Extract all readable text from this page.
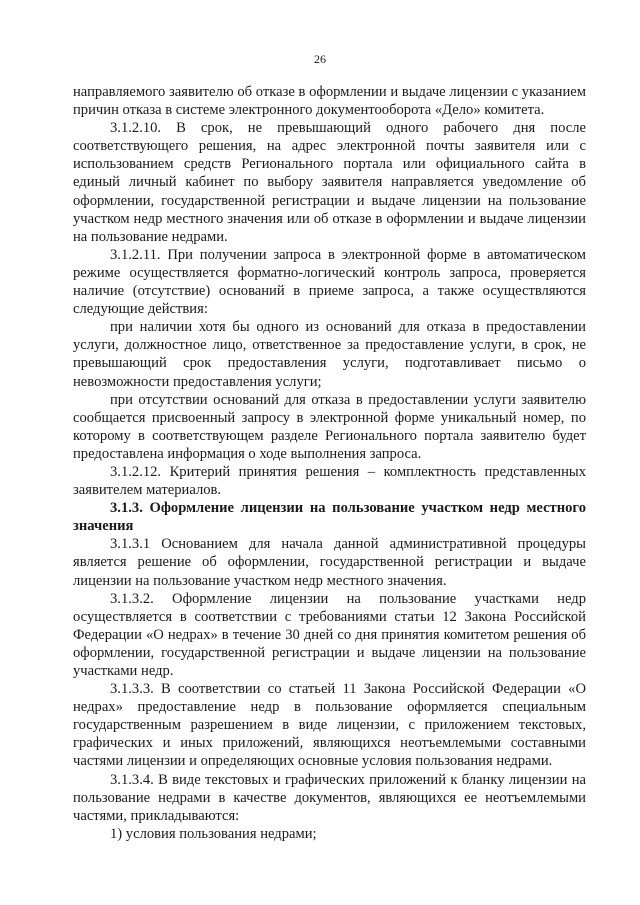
26

направляемого заявителю об отказе в оформлении и выдаче лицензии с указанием причин отказа в системе электронного документооборота «Дело» комитета.

3.1.2.10. В срок, не превышающий одного рабочего дня после соответствующего решения, на адрес электронной почты заявителя или с использованием средств Регионального портала или официального сайта в единый личный кабинет по выбору заявителя направляется уведомление об оформлении, государственной регистрации и выдаче лицензии на пользование участком недр местного значения или об отказе в оформлении и выдаче лицензии на пользование недрами.

3.1.2.11. При получении запроса в электронной форме в автоматическом режиме осуществляется форматно-логический контроль запроса, проверяется наличие (отсутствие) оснований в приеме запроса, а также осуществляются следующие действия:

при наличии хотя бы одного из оснований для отказа в предоставлении услуги, должностное лицо, ответственное за предоставление услуги, в срок, не превышающий срок предоставления услуги, подготавливает письмо о невозможности предоставления услуги;

при отсутствии оснований для отказа в предоставлении услуги заявителю сообщается присвоенный запросу в электронной форме уникальный номер, по которому в соответствующем разделе Регионального портала заявителю будет предоставлена информация о ходе выполнения запроса.

3.1.2.12. Критерий принятия решения – комплектность представленных заявителем материалов.

3.1.3. Оформление лицензии на пользование участком недр местного значения

3.1.3.1 Основанием для начала данной административной процедуры является решение об оформлении, государственной регистрации и выдаче лицензии на пользование участком недр местного значения.

3.1.3.2. Оформление лицензии на пользование участками недр осуществляется в соответствии с требованиями статьи 12 Закона Российской Федерации «О недрах» в течение 30 дней со дня принятия комитетом решения об оформлении, государственной регистрации и выдаче лицензии на пользование участками недр.

3.1.3.3. В соответствии со статьей 11 Закона Российской Федерации «О недрах» предоставление недр в пользование оформляется специальным государственным разрешением в виде лицензии, с приложением текстовых, графических и иных приложений, являющихся неотъемлемыми составными частями лицензии и определяющих основные условия пользования недрами.

3.1.3.4. В виде текстовых и графических приложений к бланку лицензии на пользование недрами в качестве документов, являющихся ее неотъемлемыми частями, прикладываются:

1) условия пользования недрами;
